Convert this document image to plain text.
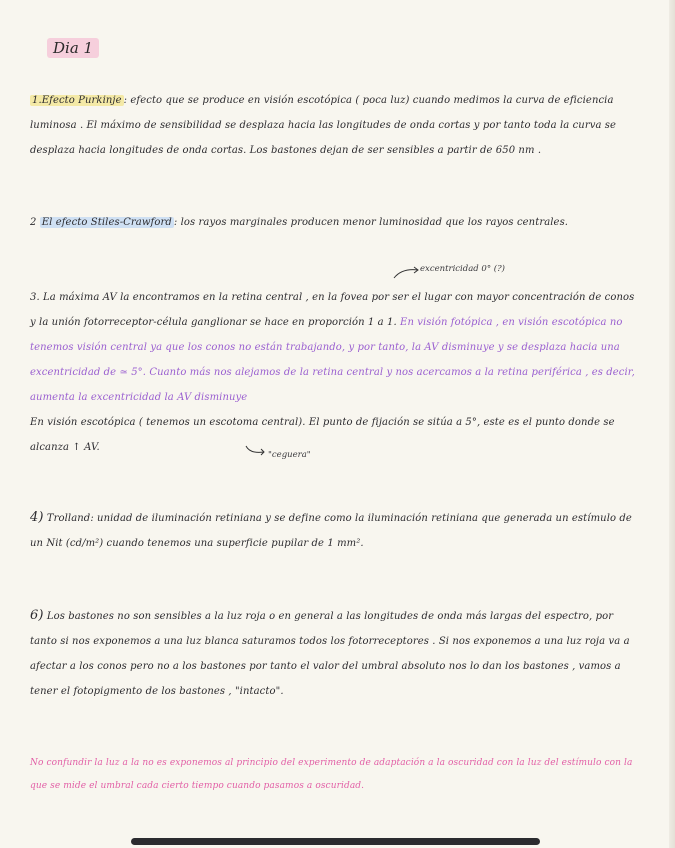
Dia 1
1.Efecto Purkinje : efecto que se produce en visión escotópica ( poca luz) cuando medimos la curva de eficiencia luminosa . El máximo de sensibilidad se desplaza hacia las longitudes de onda cortas y por tanto toda la curva se desplaza hacia longitudes de onda cortas. Los bastones dejan de ser sensibles a partir de 650 nm .
2 El efecto Stiles-Crawford : los rayos marginales producen menor luminosidad que los rayos centrales.
excentricidad 0° (?)
3. La máxima AV la encontramos en la retina central , en la fovea por ser el lugar con mayor concentración de conos y la unión fotorreceptor-célula ganglionar se hace en proporción 1 a 1. En visión fotópica , en visión escotópica no tenemos visión central ya que los conos no están trabajando, y por tanto, la AV disminuye y se desplaza hacia una excentricidad de ≃ 5°. Cuanto más nos alejamos de la retina central y nos acercamos a la retina periférica , es decir, aumenta la excentricidad la AV disminuye
En visión escotópica ( tenemos un escotoma central). El punto de fijación se sitúa a 5°, este es el punto donde se alcanza ↑ AV.
"ceguera"
4) Trolland: unidad de iluminación retiniana y se define como la iluminación retiniana que generada un estímulo de un Nit (cd/m²) cuando tenemos una superficie pupilar de 1 mm².
6) Los bastones no son sensibles a la luz roja o en general a las longitudes de onda más largas del espectro, por tanto si nos exponemos a una luz blanca saturamos todos los fotorreceptores . Si nos exponemos a una luz roja va a afectar a los conos pero no a los bastones por tanto el valor del umbral absoluto nos lo dan los bastones , vamos a tener el fotopigmento de los bastones , "intacto".
No confundir la luz a la no es exponemos al principio del experimento de adaptación a la oscuridad con la luz del estímulo con la que se mide el umbral cada cierto tiempo cuando pasamos a oscuridad.
